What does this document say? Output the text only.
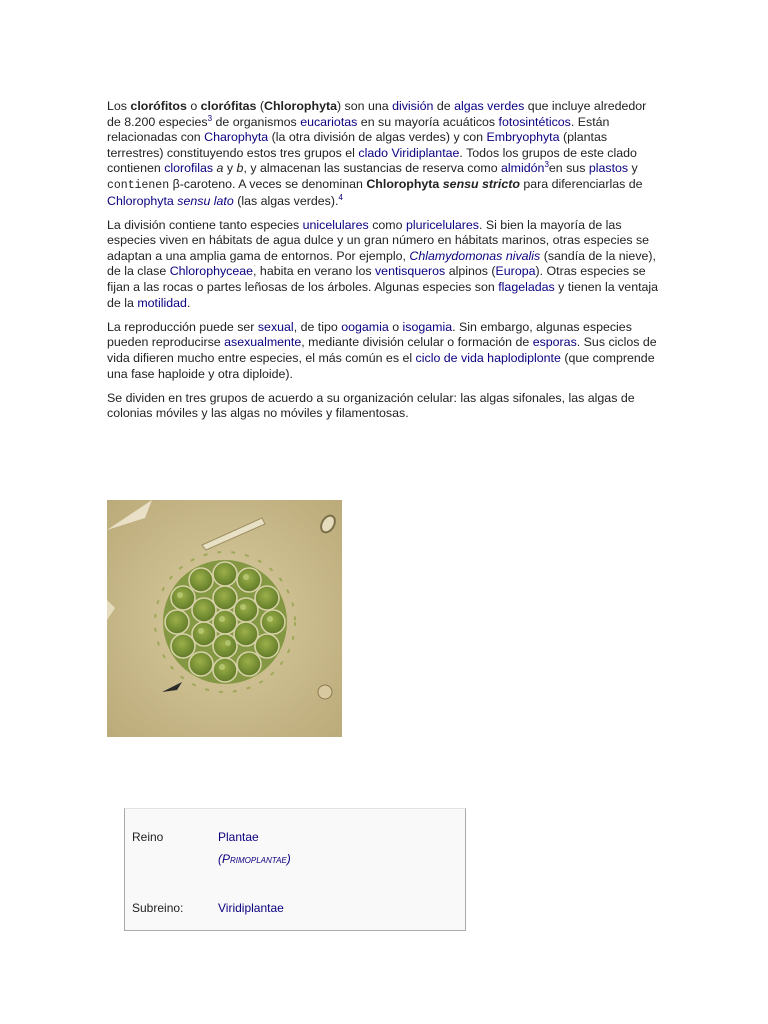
Los clorófitos o clorófitas (Chlorophyta) son una división de algas verdes que incluye alrededor de 8.200 especies$^3$ de organismos eucariotas en su mayoría acuáticos fotosintéticos. Están relacionadas con Charophyta (la otra división de algas verdes) y con Embryophyta (plantas terrestres) constituyendo estos tres grupos el clado Viridiplantae. Todos los grupos de este clado contienen clorofilas a y b, y almacenan las sustancias de reserva como almidón$^3$en sus plastos y contienen β-caroteno. A veces se denominan Chlorophyta sensu stricto para diferenciarlas de Chlorophyta sensu lato (las algas verdes).$^4$

La división contiene tanto especies unicelulares como pluricelulares. Si bien la mayoría de las especies viven en hábitats de agua dulce y un gran número en hábitats marinos, otras especies se adaptan a una amplia gama de entornos. Por ejemplo, Chlamydomonas nivalis (sandía de la nieve), de la clase Chlorophyceae, habita en verano los ventisqueros alpinos (Europa). Otras especies se fijan a las rocas o partes leñosas de los árboles. Algunas especies son flageladas y tienen la ventaja de la motilidad.

La reproducción puede ser sexual, de tipo oogamia o isogamia. Sin embargo, algunas especies pueden reproducirse asexualmente, mediante división celular o formación de esporas. Sus ciclos de vida difieren mucho entre especies, el más común es el ciclo de vida haplodiplonte (que comprende una fase haploide y otra diploide).

Se dividen en tres grupos de acuerdo a su organización celular: las algas sifonales, las algas de colonias móviles y las algas no móviles y filamentosas.

Reino	Plantae
(Primoplantae)
Subreino:	Viridiplantae
